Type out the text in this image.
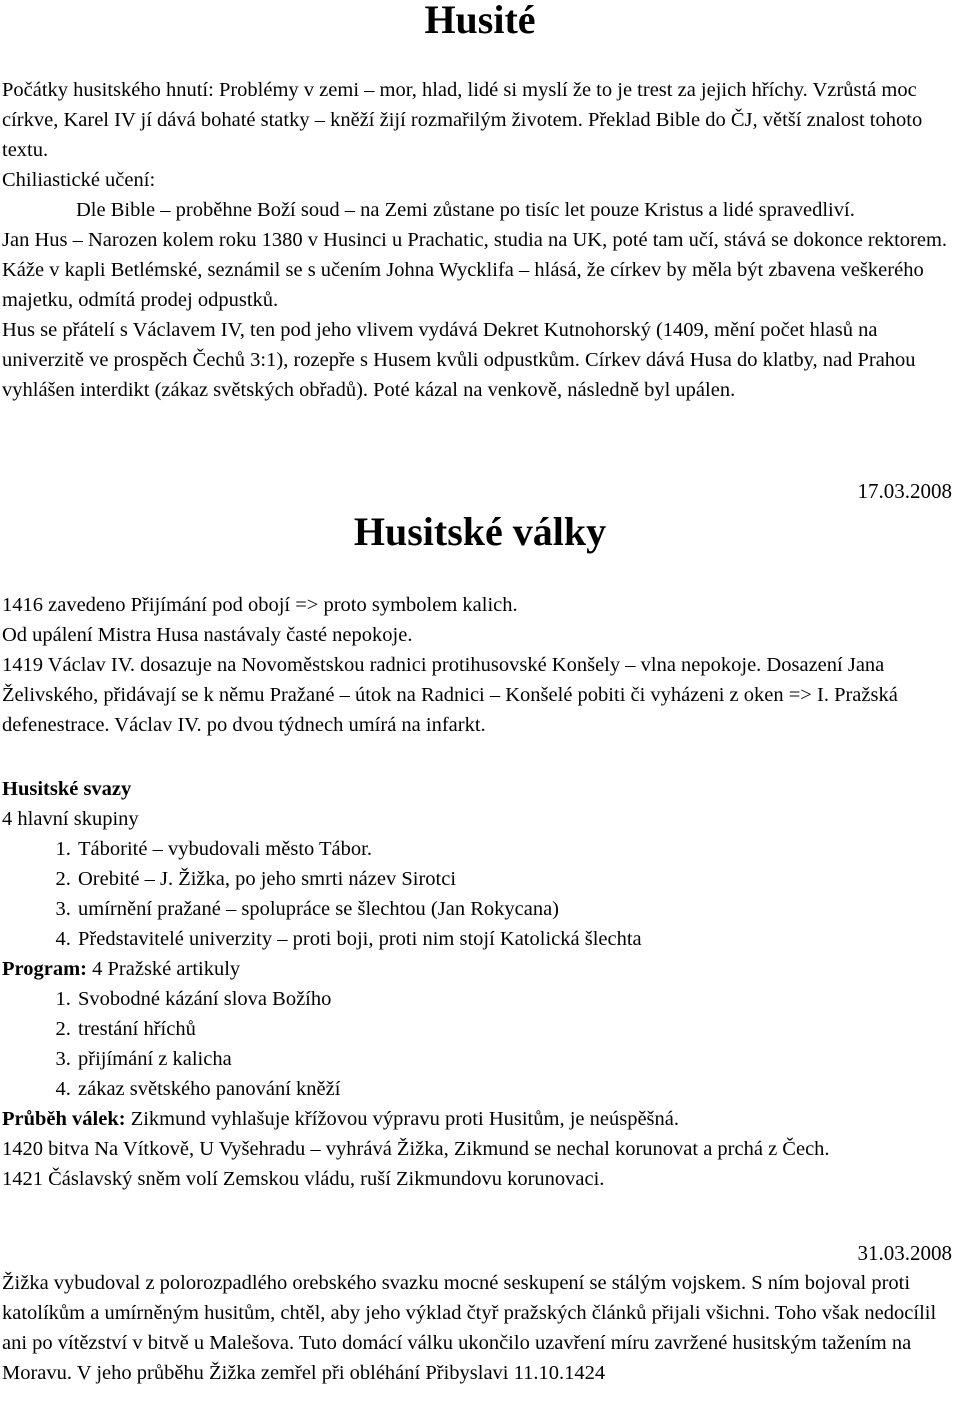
Husité

Počátky husitského hnutí: Problémy v zemi – mor, hlad, lidé si myslí že to je trest za jejich hříchy. Vzrůstá moc církve, Karel IV jí dává bohaté statky – kněží žijí rozmařilým životem. Překlad Bible do ČJ, větší znalost tohoto textu.

Chiliastické učení:

Dle Bible – proběhne Boží soud – na Zemi zůstane po tisíc let pouze Kristus a lidé spravedliví.

Jan Hus – Narozen kolem roku 1380 v Husinci u Prachatic, studia na UK, poté tam učí, stává se dokonce rektorem. Káže v kapli Betlémské, seznámil se s učením Johna Wycklifa – hlásá, že církev by měla být zbavena veškerého majetku, odmítá prodej odpustků.

Hus se přátelí s Václavem IV, ten pod jeho vlivem vydává Dekret Kutnohorský (1409, mění počet hlasů na univerzitě ve prospěch Čechů 3:1), rozepře s Husem kvůli odpustkům. Církev dává Husa do klatby, nad Prahou vyhlášen interdikt (zákaz světských obřadů). Poté kázal na venkově, následně byl upálen.

17.03.2008
Husitské války

1416 zavedeno Přijímání pod obojí => proto symbolem kalich.

Od upálení Mistra Husa nastávaly časté nepokoje.

1419 Václav IV. dosazuje na Novoměstskou radnici protihusovské Konšely – vlna nepokoje. Dosazení Jana Želivského, přidávají se k němu Pražané – útok na Radnici – Konšelé pobiti či vyházeni z oken => I. Pražská defenestrace. Václav IV. po dvou týdnech umírá na infarkt.

Husitské svazy

4 hlavní skupiny

1. Táborité – vybudovali město Tábor.
2. Orebité – J. Žižka, po jeho smrti název Sirotci
3. umírnění pražané – spolupráce se šlechtou (Jan Rokycana)
4. Představitelé univerzity – proti boji, proti nim stojí Katolická šlechta

Program: 4 Pražské artikuly

1. Svobodné kázání slova Božího
2. trestání hříchů
3. přijímání z kalicha
4. zákaz světského panování kněží

Průběh válek: Zikmund vyhlašuje křížovou výpravu proti Husitům, je neúspěšná.

1420 bitva Na Vítkově, U Vyšehradu – vyhrává Žižka, Zikmund se nechal korunovat a prchá z Čech.

1421 Čáslavský sněm volí Zemskou vládu, ruší Zikmundovu korunovaci.

31.03.2008

Žižka vybudoval z polorozpadlého orebského svazku mocné seskupení se stálým vojskem. S ním bojoval proti katolíkům a umírněným husitům, chtěl, aby jeho výklad čtyř pražských článků přijali všichni. Toho však nedocílil ani po vítězství v bitvě u Malešova. Tuto domácí válku ukončilo uzavření míru zavržené husitským tažením na Moravu. V jeho průběhu Žižka zemřel při obléhání Přibyslavi 11.10.1424
